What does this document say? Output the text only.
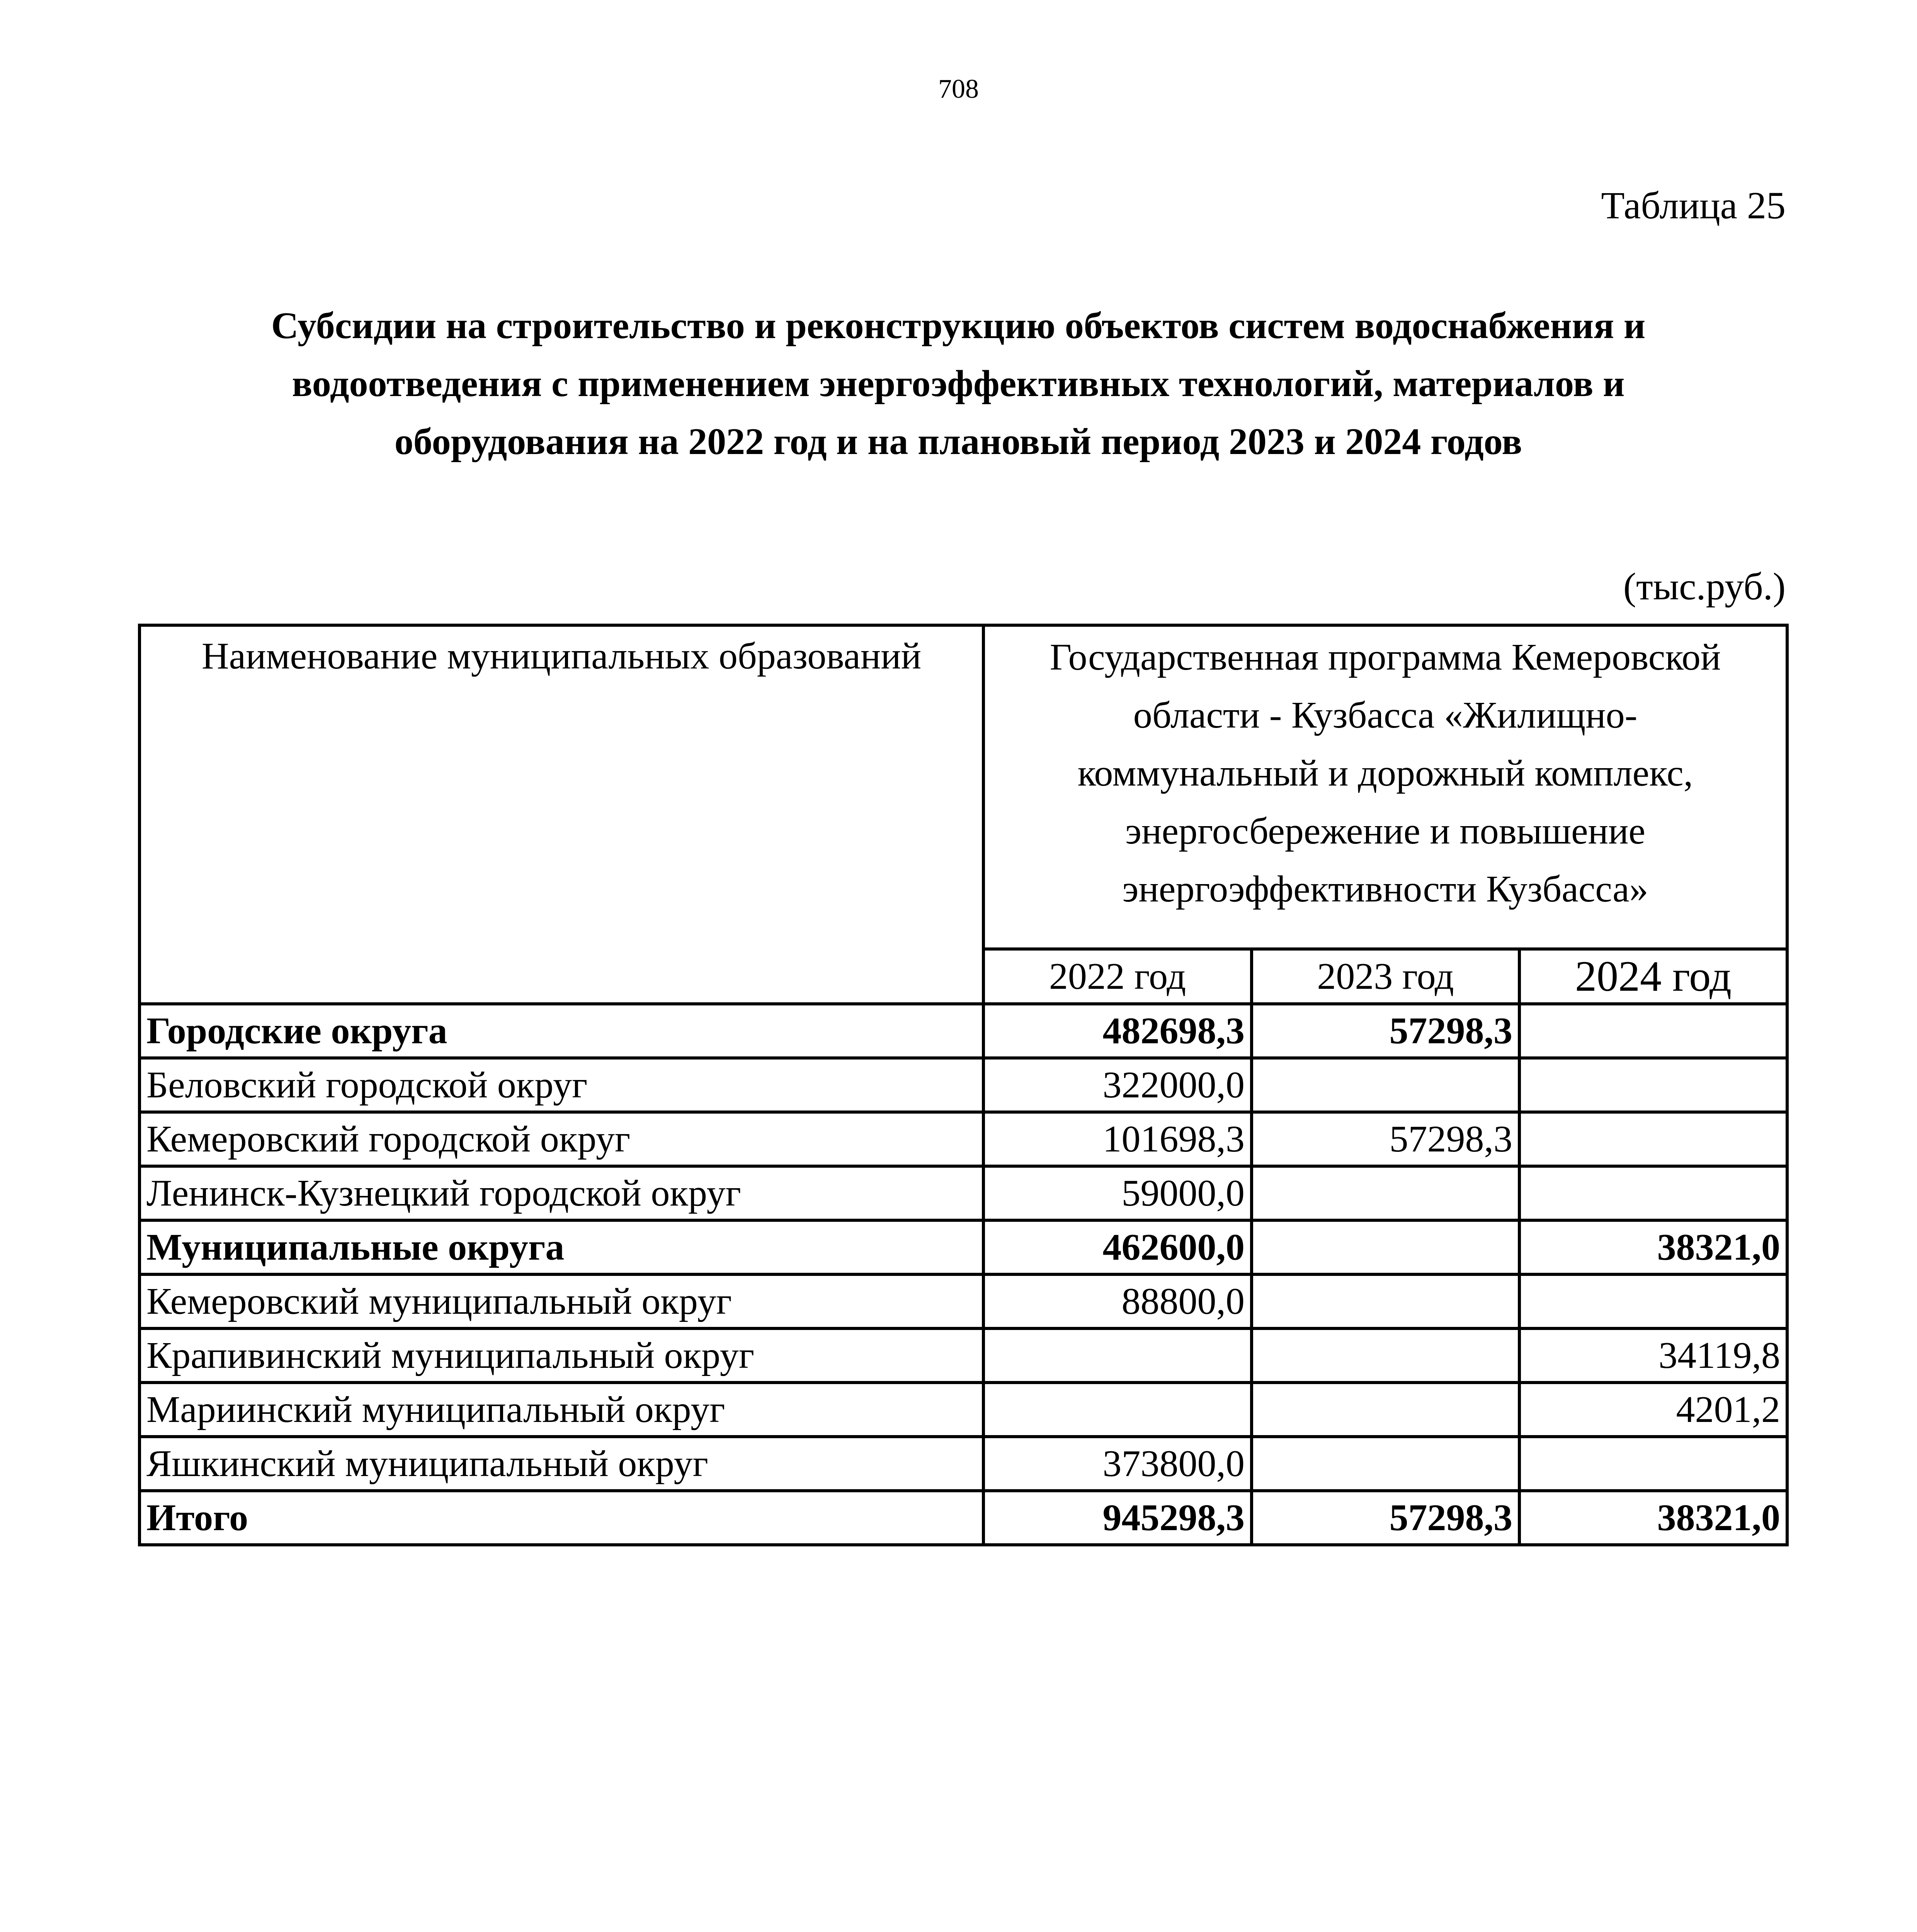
708
Таблица 25
Субсидии на строительство и реконструкцию объектов систем водоснабжения и
водоотведения с применением энергоэффективных технологий, материалов и
оборудования на 2022 год и на плановый период 2023 и 2024 годов
(тыс.руб.)
Наименование муниципальных образований	Государственная программа Кемеровской
области - Кузбасса «Жилищно-
коммунальный и дорожный комплекс,
энергосбережение и повышение
энергоэффективности Кузбасса»		
	2022 год	2023 год	2024 год
Городские округа	482698,3	57298,3	
Беловский городской округ	322000,0		
Кемеровский городской округ	101698,3	57298,3	
Ленинск-Кузнецкий городской округ	59000,0		
Муниципальные округа	462600,0		38321,0
Кемеровский муниципальный округ	88800,0		
Крапивинский муниципальный округ			34119,8
Мариинский муниципальный округ			4201,2
Яшкинский муниципальный округ	373800,0		
Итого	945298,3	57298,3	38321,0
